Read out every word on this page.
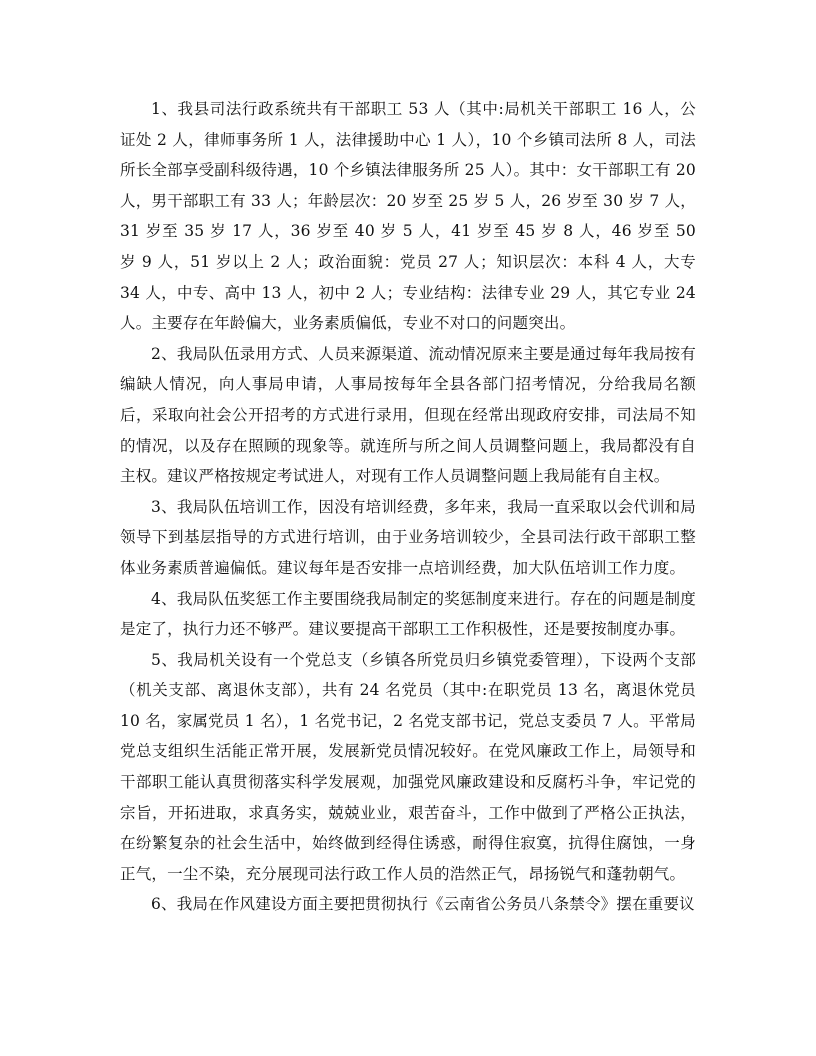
1、我县司法行政系统共有干部职工 53 人（其中:局机关干部职工 16 人，公证处 2 人，律师事务所 1 人，法律援助中心 1 人），10 个乡镇司法所 8 人，司法所长全部享受副科级待遇，10 个乡镇法律服务所 25 人）。其中：女干部职工有 20 人，男干部职工有 33 人；年龄层次：20 岁至 25 岁 5 人，26 岁至 30 岁 7 人，31 岁至 35 岁 17 人，36 岁至 40 岁 5 人，41 岁至 45 岁 8 人，46 岁至 50 岁 9 人，51 岁以上 2 人；政治面貌：党员 27 人；知识层次：本科 4 人，大专 34 人，中专、高中 13 人，初中 2 人；专业结构：法律专业 29 人，其它专业 24 人。主要存在年龄偏大，业务素质偏低，专业不对口的问题突出。

2、我局队伍录用方式、人员来源渠道、流动情况原来主要是通过每年我局按有编缺人情况，向人事局申请，人事局按每年全县各部门招考情况，分给我局名额后，采取向社会公开招考的方式进行录用，但现在经常出现政府安排，司法局不知的情况，以及存在照顾的现象等。就连所与所之间人员调整问题上，我局都没有自主权。建议严格按规定考试进人，对现有工作人员调整问题上我局能有自主权。

3、我局队伍培训工作，因没有培训经费，多年来，我局一直采取以会代训和局领导下到基层指导的方式进行培训，由于业务培训较少，全县司法行政干部职工整体业务素质普遍偏低。建议每年是否安排一点培训经费，加大队伍培训工作力度。

4、我局队伍奖惩工作主要围绕我局制定的奖惩制度来进行。存在的问题是制度是定了，执行力还不够严。建议要提高干部职工工作积极性，还是要按制度办事。

5、我局机关设有一个党总支（乡镇各所党员归乡镇党委管理），下设两个支部（机关支部、离退休支部），共有 24 名党员（其中:在职党员 13 名，离退休党员 10 名，家属党员 1 名），1 名党书记，2 名党支部书记，党总支委员 7 人。平常局党总支组织生活能正常开展，发展新党员情况较好。在党风廉政工作上，局领导和干部职工能认真贯彻落实科学发展观，加强党风廉政建设和反腐朽斗争，牢记党的宗旨，开拓进取，求真务实，兢兢业业，艰苦奋斗，工作中做到了严格公正执法，在纷繁复杂的社会生活中，始终做到经得住诱惑，耐得住寂寞，抗得住腐蚀，一身正气，一尘不染，充分展现司法行政工作人员的浩然正气，昂扬锐气和蓬勃朝气。

6、我局在作风建设方面主要把贯彻执行《云南省公务员八条禁令》摆在重要议
